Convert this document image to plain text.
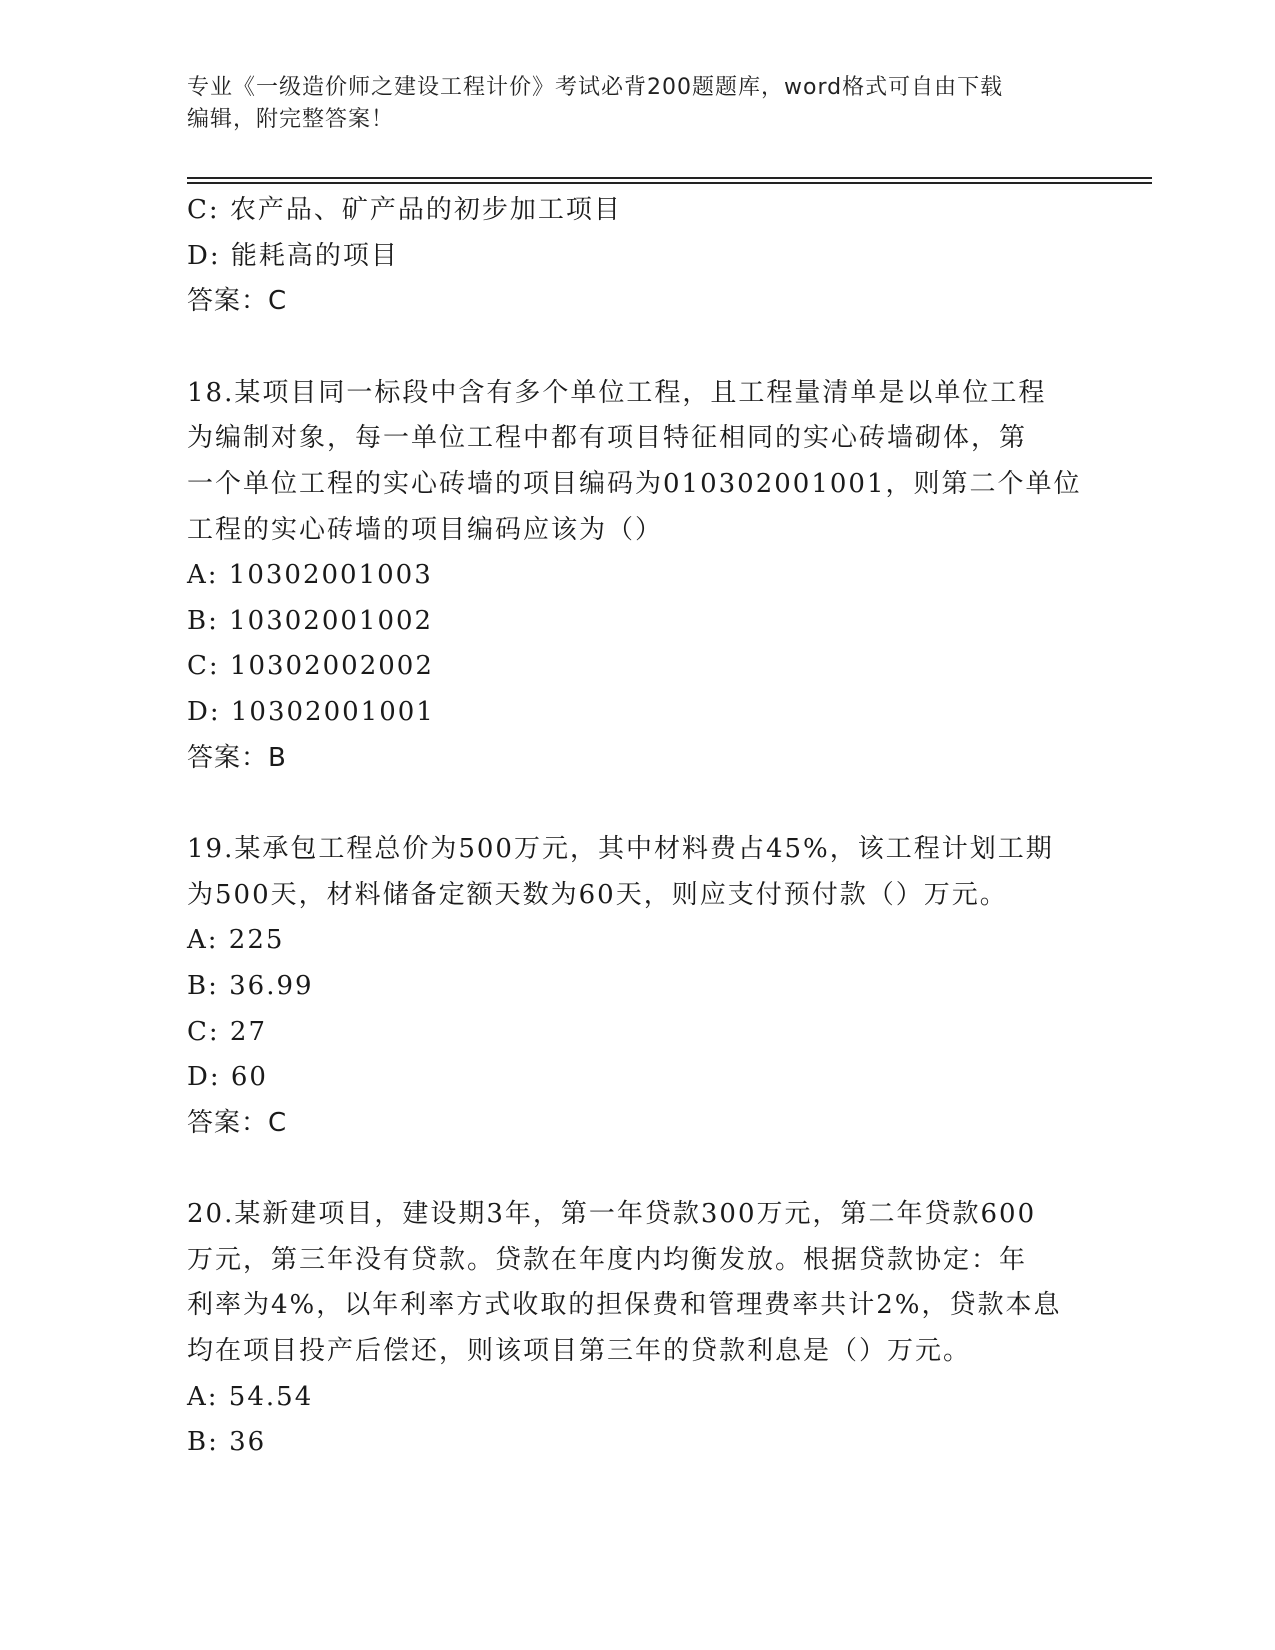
专业《一级造价师之建设工程计价》考试必背200题题库，word格式可自由下载
编辑，附完整答案！
C: 农产品、矿产品的初步加工项目
D: 能耗高的项目
答案：C
18.某项目同一标段中含有多个单位工程，且工程量清单是以单位工程
为编制对象，每一单位工程中都有项目特征相同的实心砖墙砌体，第
一个单位工程的实心砖墙的项目编码为010302001001，则第二个单位
工程的实心砖墙的项目编码应该为（）
A: 10302001003
B: 10302001002
C: 10302002002
D: 10302001001
答案：B
19.某承包工程总价为500万元，其中材料费占45%，该工程计划工期
为500天，材料储备定额天数为60天，则应支付预付款（）万元。
A: 225
B: 36.99
C: 27
D: 60
答案：C
20.某新建项目，建设期3年，第一年贷款300万元，第二年贷款600
万元，第三年没有贷款。贷款在年度内均衡发放。根据贷款协定：年
利率为4%，以年利率方式收取的担保费和管理费率共计2%，贷款本息
均在项目投产后偿还，则该项目第三年的贷款利息是（）万元。
A: 54.54
B: 36
